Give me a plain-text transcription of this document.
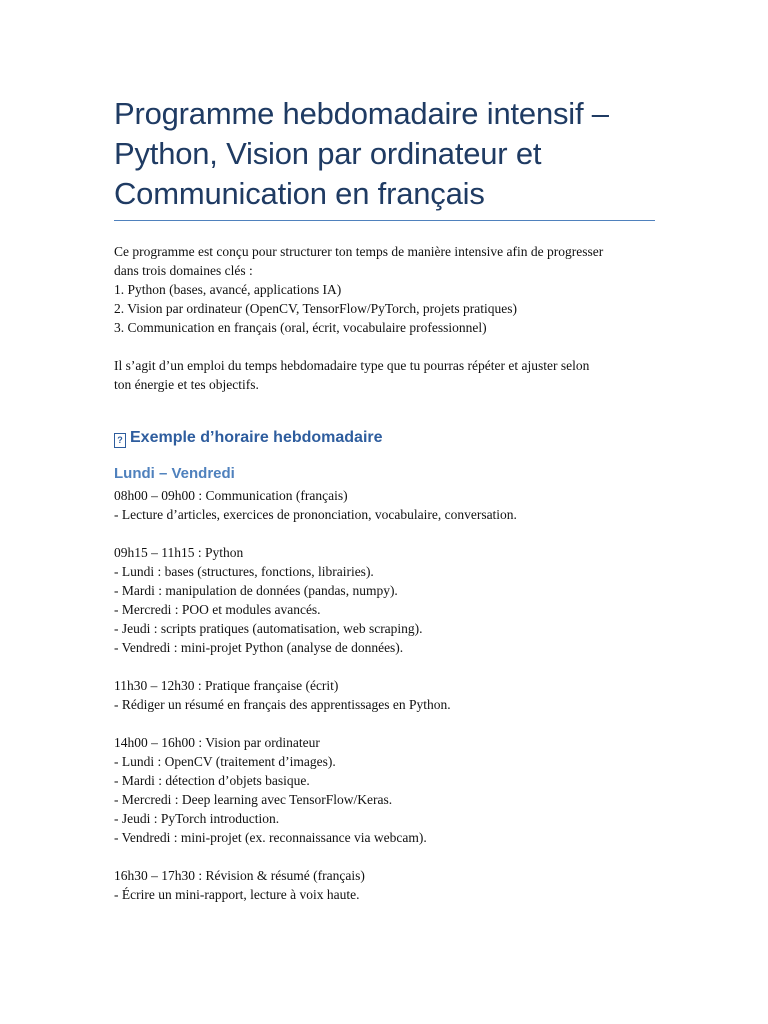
Programme hebdomadaire intensif –
Python, Vision par ordinateur et
Communication en français
Ce programme est conçu pour structurer ton temps de manière intensive afin de progresser
dans trois domaines clés :
1. Python (bases, avancé, applications IA)
2. Vision par ordinateur (OpenCV, TensorFlow/PyTorch, projets pratiques)
3. Communication en français (oral, écrit, vocabulaire professionnel)
Il s’agit d’un emploi du temps hebdomadaire type que tu pourras répéter et ajuster selon
ton énergie et tes objectifs.
? Exemple d’horaire hebdomadaire
Lundi – Vendredi
08h00 – 09h00 : Communication (français)
- Lecture d’articles, exercices de prononciation, vocabulaire, conversation.
09h15 – 11h15 : Python
- Lundi : bases (structures, fonctions, librairies).
- Mardi : manipulation de données (pandas, numpy).
- Mercredi : POO et modules avancés.
- Jeudi : scripts pratiques (automatisation, web scraping).
- Vendredi : mini-projet Python (analyse de données).
11h30 – 12h30 : Pratique française (écrit)
- Rédiger un résumé en français des apprentissages en Python.
14h00 – 16h00 : Vision par ordinateur
- Lundi : OpenCV (traitement d’images).
- Mardi : détection d’objets basique.
- Mercredi : Deep learning avec TensorFlow/Keras.
- Jeudi : PyTorch introduction.
- Vendredi : mini-projet (ex. reconnaissance via webcam).
16h30 – 17h30 : Révision & résumé (français)
- Écrire un mini-rapport, lecture à voix haute.
